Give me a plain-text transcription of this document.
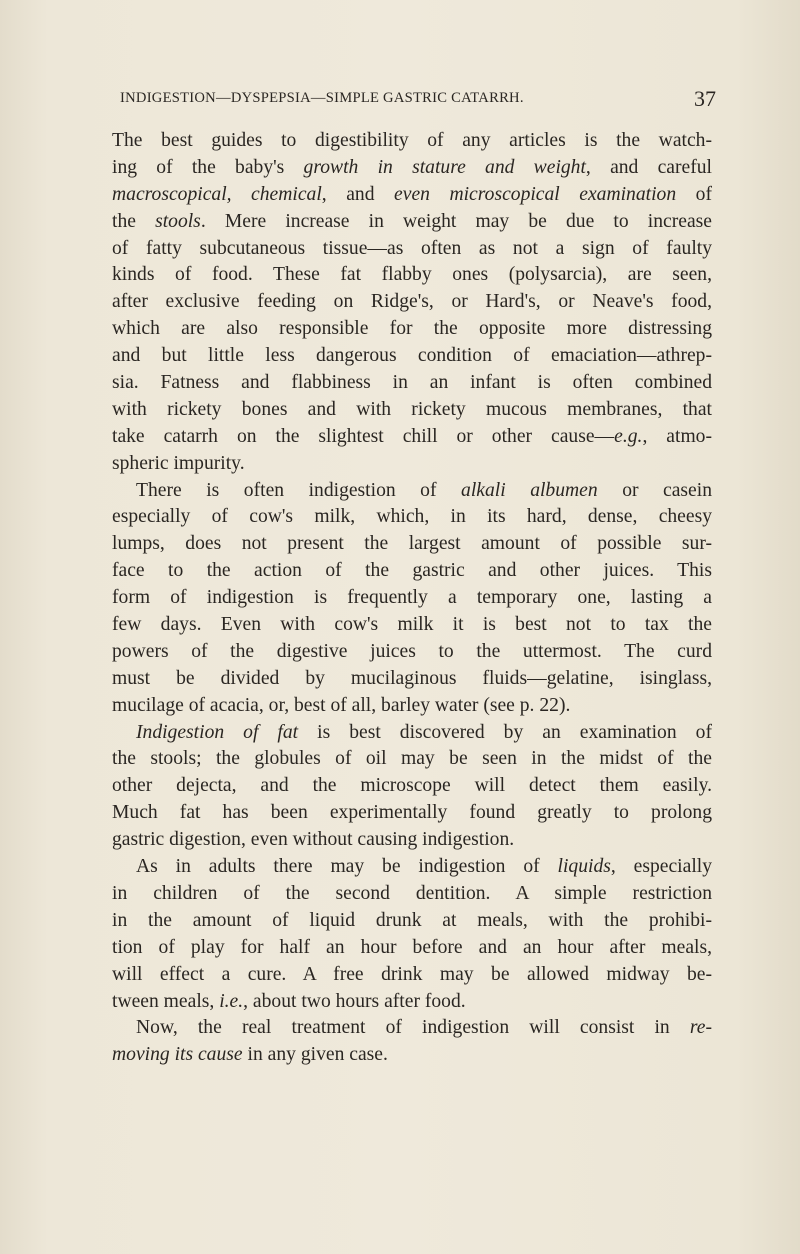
INDIGESTION—DYSPEPSIA—SIMPLE GASTRIC CATARRH.	37
The best guides to digestibility of any articles is the watch-
ing of the baby's growth in stature and weight, and careful
macroscopical, chemical, and even microscopical examination of
the stools. Mere increase in weight may be due to increase
of fatty subcutaneous tissue—as often as not a sign of faulty
kinds of food. These fat flabby ones (polysarcia), are seen,
after exclusive feeding on Ridge's, or Hard's, or Neave's food,
which are also responsible for the opposite more distressing
and but little less dangerous condition of emaciation—athrep-
sia. Fatness and flabbiness in an infant is often combined
with rickety bones and with rickety mucous membranes, that
take catarrh on the slightest chill or other cause—e.g., atmo-
spheric impurity.
There is often indigestion of alkali albumen or casein
especially of cow's milk, which, in its hard, dense, cheesy
lumps, does not present the largest amount of possible sur-
face to the action of the gastric and other juices. This
form of indigestion is frequently a temporary one, lasting a
few days. Even with cow's milk it is best not to tax the
powers of the digestive juices to the uttermost. The curd
must be divided by mucilaginous fluids—gelatine, isinglass,
mucilage of acacia, or, best of all, barley water (see p. 22).
Indigestion of fat is best discovered by an examination of
the stools; the globules of oil may be seen in the midst of the
other dejecta, and the microscope will detect them easily.
Much fat has been experimentally found greatly to prolong
gastric digestion, even without causing indigestion.
As in adults there may be indigestion of liquids, especially
in children of the second dentition. A simple restriction
in the amount of liquid drunk at meals, with the prohibi-
tion of play for half an hour before and an hour after meals,
will effect a cure. A free drink may be allowed midway be-
tween meals, i.e., about two hours after food.
Now, the real treatment of indigestion will consist in re-
moving its cause in any given case.
